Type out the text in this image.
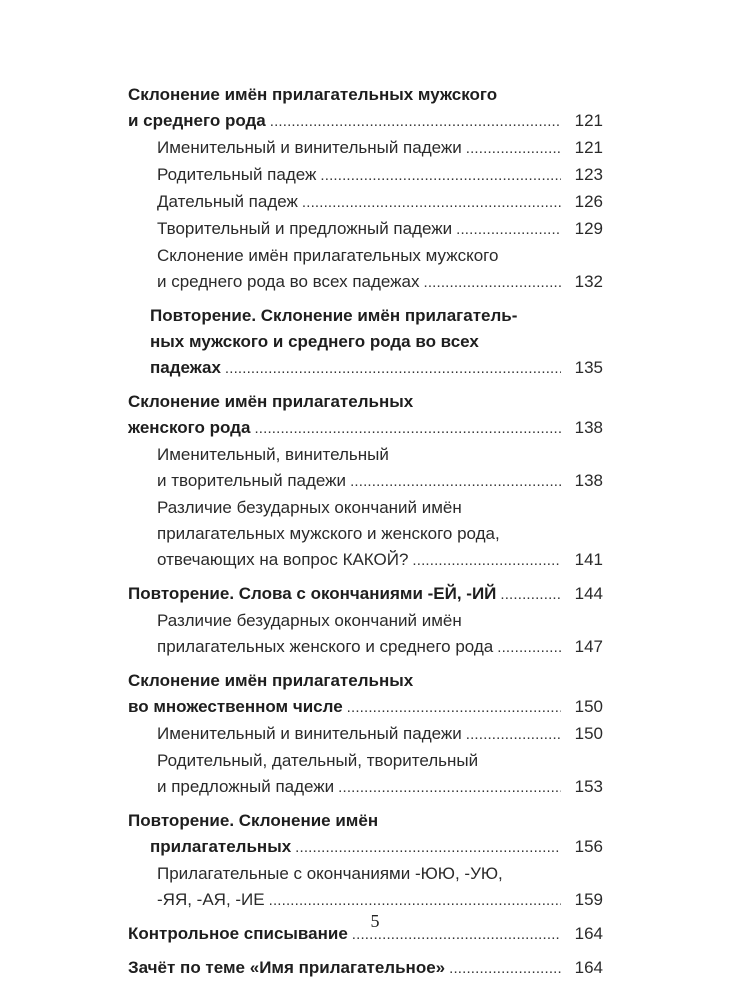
Склонение имён прилагательных мужского
и среднего рода . . .	121
Именительный и винительный падежи . . .	121
Родительный падеж . . .	123
Дательный падеж . . .	126
Творительный и предложный падежи . . .	129
Склонение имён прилагательных мужского
и среднего рода во всех падежах . . .	132
Повторение. Склонение имён прилагатель-
ных мужского и среднего рода во всех
падежах . . .	135
Склонение имён прилагательных
женского рода . . .	138
Именительный, винительный
и творительный падежи . . .	138
Различие безударных окончаний имён
прилагательных мужского и женского рода,
отвечающих на вопрос КАКОЙ? . . .	141
Повторение. Слова с окончаниями -ЕЙ, -ИЙ . . .	144
Различие безударных окончаний имён
прилагательных женского и среднего рода . . .	147
Склонение имён прилагательных
во множественном числе . . .	150
Именительный и винительный падежи . . .	150
Родительный, дательный, творительный
и предложный падежи . . .	153
Повторение. Склонение имён
прилагательных . . .	156
Прилагательные с окончаниями -ЮЮ, -УЮ,
-ЯЯ, -АЯ, -ИЕ . . .	159
Контрольное списывание . . .	164
Зачёт по теме «Имя прилагательное» . . .	164
5
